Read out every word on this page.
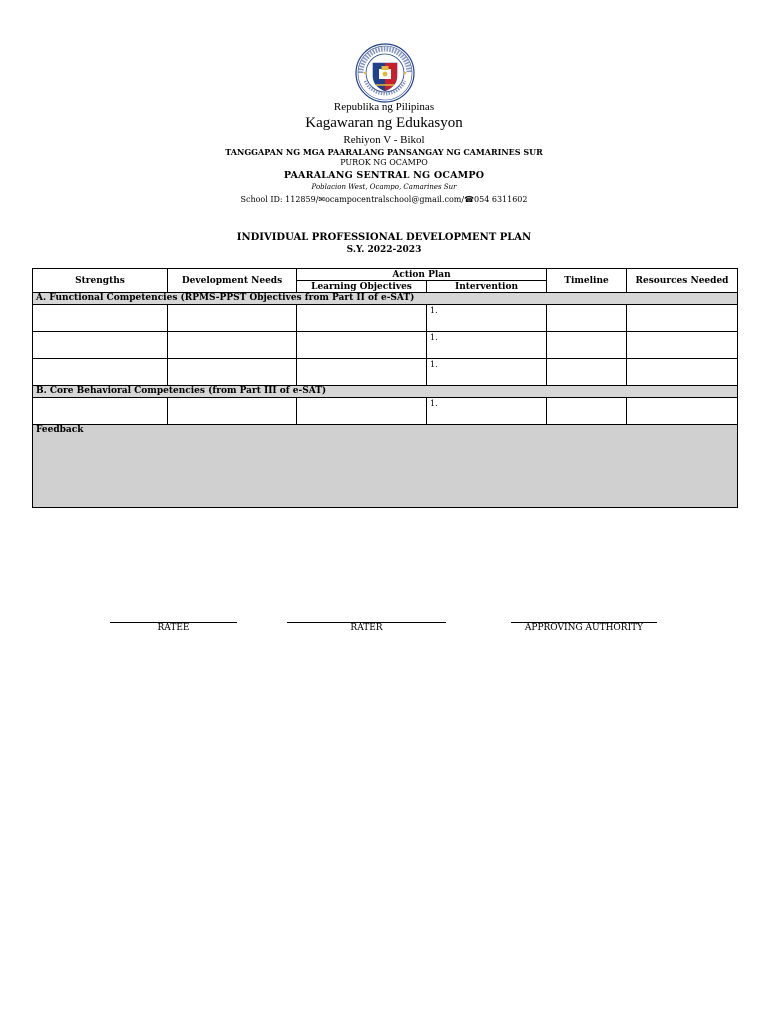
Republika ng Pilipinas
Kagawaran ng Edukasyon
Rehiyon V - Bikol
TANGGAPAN NG MGA PAARALANG PANSANGAY NG CAMARINES SUR
PUROK NG OCAMPO
PAARALANG SENTRAL NG OCAMPO
Poblacion West, Ocampo, Camarines Sur
School ID: 112859/✉ocampocentralschool@gmail.com/☎054 6311602
INDIVIDUAL PROFESSIONAL DEVELOPMENT PLAN
S.Y. 2022-2023
Strengths	Development Needs	Action Plan		Timeline	Resources Needed
		Learning Objectives	Intervention		
A. Functional Competencies (RPMS-PPST Objectives from Part II of e-SAT)					
			1.		
			1.		
			1.		
B. Core Behavioral Competencies (from Part III of e-SAT)					
			1.		
Feedback					
RATEE	RATER	APPROVING AUTHORITY
